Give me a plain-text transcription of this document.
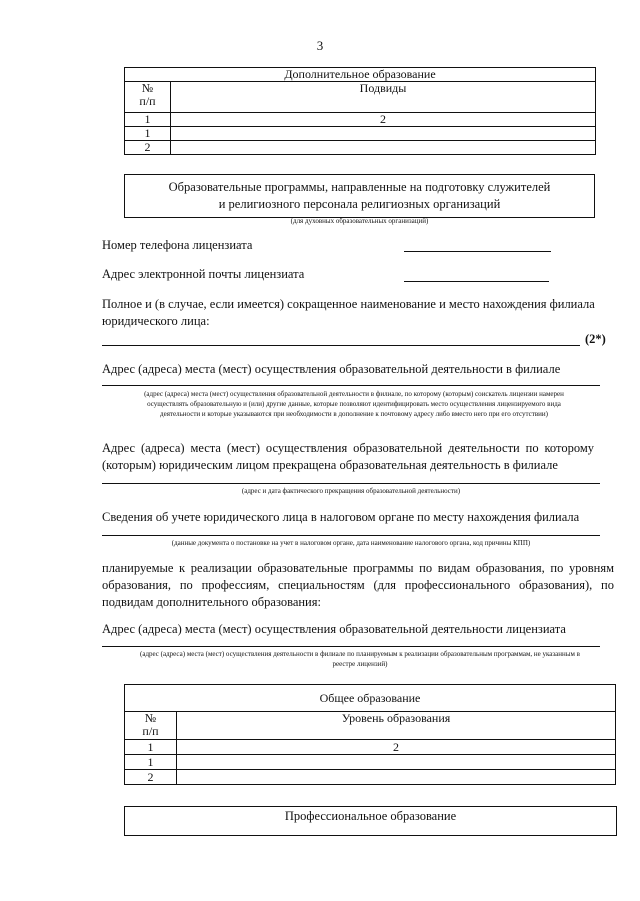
3
Дополнительное образование	
№
п/п	Подвиды
1	2
1	
2	
Образовательные программы, направленные на подготовку служителей
и религиозного персонала религиозных организаций
(для духовных образовательных организаций)
Номер телефона лицензиата
Адрес электронной почты лицензиата
Полное и (в случае, если имеется) сокращенное наименование и место нахождения филиала юридического лица:
(2*)
Адрес (адреса) места (мест) осуществления образовательной деятельности в филиале
(адрес (адреса) места (мест) осуществления образовательной деятельности в филиале, по которому (которым) соискатель лицензии намерен осуществлять образовательную и (или) другие данные, которые позволяют идентифицировать место осуществления лицензируемого вида деятельности и которые указываются при необходимости в дополнение к почтовому адресу либо вместо него при его отсутствии)
Адрес (адреса) места (мест) осуществления образовательной деятельности по которому (которым) юридическим лицом прекращена образовательная деятельность в филиале
(адрес и дата фактического прекращения образовательной деятельности)
Сведения об учете юридического лица в налоговом органе по месту нахождения филиала
(данные документа о постановке на учет в налоговом органе, дата наименование налогового органа, код причины КПП)
планируемые к реализации образовательные программы по видам образования, по уровням образования, по профессиям, специальностям (для профессионального образования), по подвидам дополнительного образования:
Адрес (адреса) места (мест) осуществления образовательной деятельности лицензиата
(адрес (адреса) места (мест) осуществления деятельности в филиале по планируемым к реализации образовательным программам, не указанным в реестре лицензий)
Общее образование	
№
п/п	Уровень образования
1	2
1	
2	
Профессиональное образование
